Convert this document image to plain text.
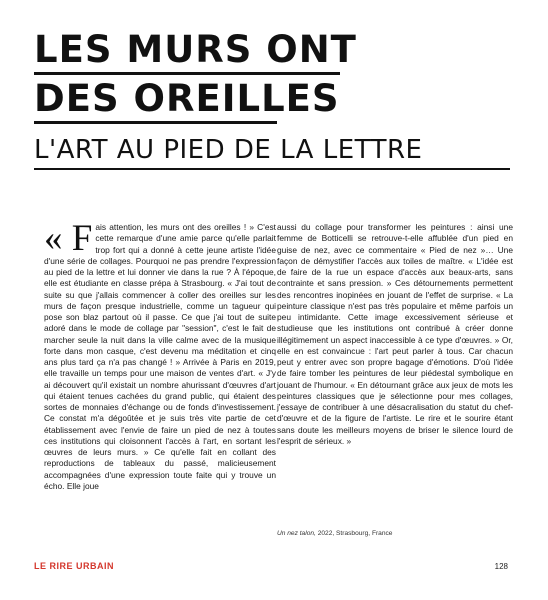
LES MURS ONT
DES OREILLES
L'ART AU PIED DE LA LETTRE

« F ais attention, les murs ont des oreilles ! » C'est cette remarque d'une amie parce qu'elle parlait trop fort qui a donné à cette jeune artiste l'idée d'une série de collages. Pourquoi ne pas prendre l'expression au pied de la lettre et lui donner vie dans la rue ? À l'époque, elle est étudiante en classe prépa à Strasbourg. « J'ai tout de suite su que j'allais commencer à coller des oreilles sur les murs de façon presque industrielle, comme un tagueur qui pose son blaz partout où il passe. Ce que j'ai tout de suite adoré dans le mode de collage par "session", c'est le fait de marcher seule la nuit dans la ville calme avec de la musique forte dans mon casque, c'est devenu ma méditation et cinq ans plus tard ça n'a pas changé ! » Arrivée à Paris en 2019, elle travaille un temps pour une maison de ventes d'art. « J'y ai découvert qu'il existait un nombre ahurissant d'œuvres d'art qui étaient tenues cachées du grand public, qui étaient des sortes de monnaies d'échange ou de fonds d'investissement. Ce constat m'a dégoûtée et je suis très vite partie de cet établissement avec l'envie de faire un pied de nez à toutes ces institutions qui cloisonnent l'accès à l'art, en sortant les œuvres de leurs murs. » Ce qu'elle fait en collant des reproductions de tableaux du passé, malicieusement accompagnées d'une expression toute faite qui y trouve un écho. Elle joue

aussi du collage pour transformer les peintures : ainsi une femme de Botticelli se retrouve-t-elle affublée d'un pied en guise de nez, avec ce commentaire « Pied de nez »… Une façon de démystifier l'accès aux toiles de maître. « L'idée est de faire de la rue un espace d'accès aux beaux-arts, sans contrainte et sans pression. » Ces détournements permettent des rencontres inopinées en jouant de l'effet de surprise. « La peinture classique n'est pas très populaire et même parfois un peu intimidante. Cette image excessivement sérieuse et studieuse que les institutions ont contribué à créer donne illégitimement un aspect inaccessible à ce type d'œuvres. » Or, elle en est convaincue : l'art peut parler à tous. Car chacun peut y entrer avec son propre bagage d'émotions. D'où l'idée de faire tomber les peintures de leur piédestal symbolique en jouant de l'humour. « En détournant grâce aux jeux de mots les peintures classiques que je sélectionne pour mes collages, j'essaye de contribuer à une désacralisation du statut du chef-d'œuvre et de la figure de l'artiste. Le rire et le sourire étant sans doute les meilleurs moyens de briser le silence lourd de l'esprit de sérieux. »

Un nez talon, 2022, Strasbourg, France
LE RIRE URBAIN	128
